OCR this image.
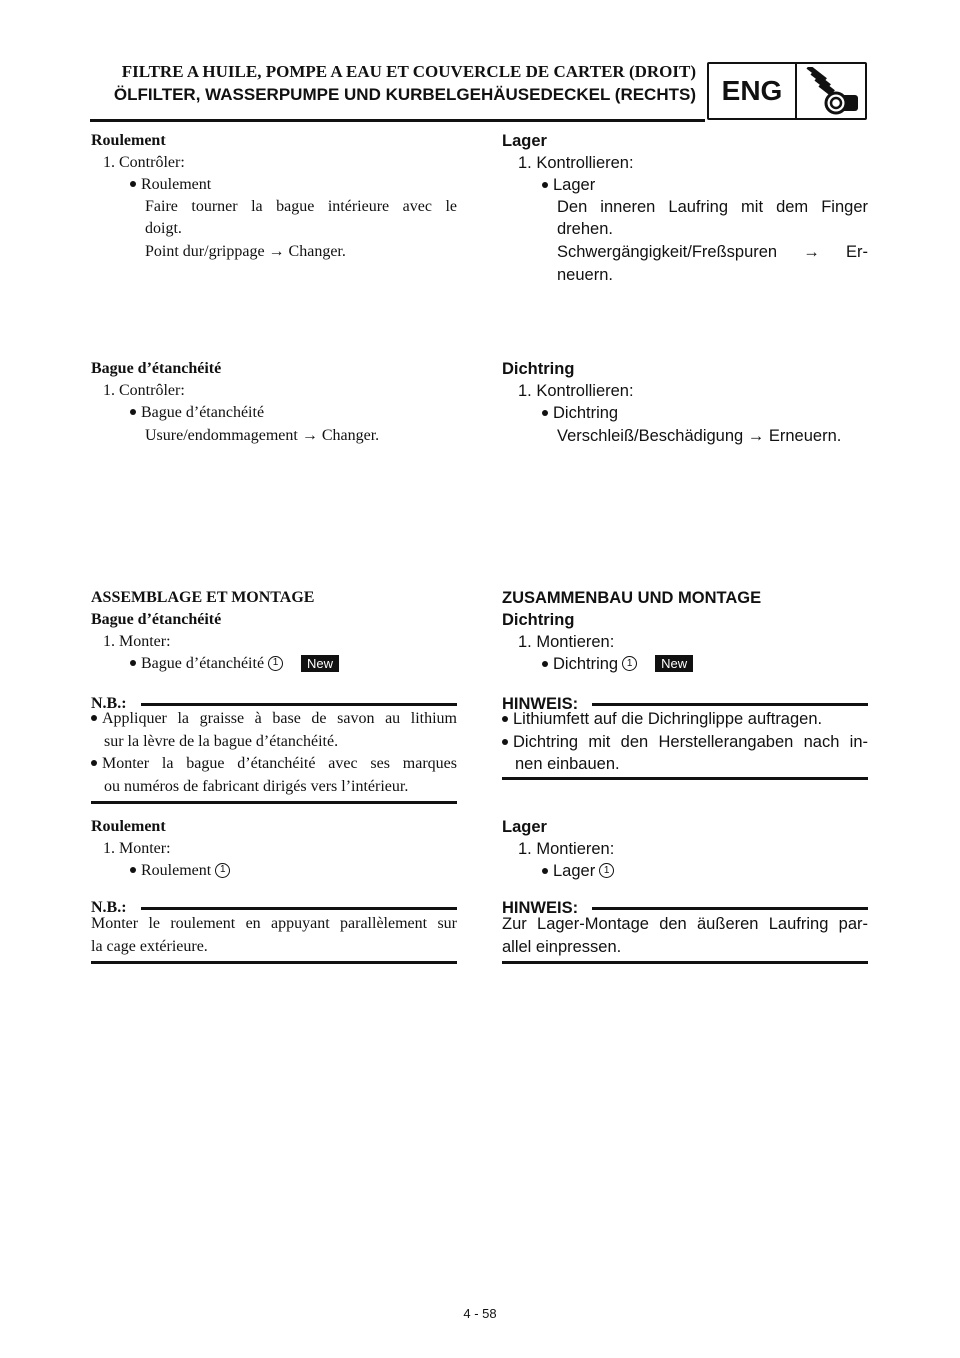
FILTRE A HUILE, POMPE A EAU ET COUVERCLE DE CARTER (DROIT)
ÖLFILTER, WASSERPUMPE UND KURBELGEHÄUSEDECKEL (RECHTS) ENG
Roulement
1. Contrôler:
Roulement
Faire tourner la bague intérieure avec le
doigt.
Point dur/grippage → Changer.
Bague d’étanchéité
1. Contrôler:
Bague d’étanchéité
Usure/endommagement → Changer.
ASSEMBLAGE ET MONTAGE
Bague d’étanchéité
1. Monter:
Bague d’étanchéité 1 New
N.B.:
Appliquer la graisse à base de savon au lithium
sur la lèvre de la bague d’étanchéité.
Monter la bague d’étanchéité avec ses marques
ou numéros de fabricant dirigés vers l’intérieur.
Roulement
1. Monter:
Roulement 1
N.B.:
Monter le roulement en appuyant parallèlement sur
la cage extérieure.
Lager
1. Kontrollieren:
Lager
Den inneren Laufring mit dem Finger
drehen.
Schwergängigkeit/Freßspuren → Er-
neuern.
Dichtring
1. Kontrollieren:
Dichtring
Verschleiß/Beschädigung → Erneuern.
ZUSAMMENBAU UND MONTAGE
Dichtring
1. Montieren:
Dichtring 1 New
HINWEIS:
Lithiumfett auf die Dichringlippe auftragen.
Dichtring mit den Herstellerangaben nach in-
nen einbauen.
Lager
1. Montieren:
Lager 1
HINWEIS:
Zur Lager-Montage den äußeren Laufring par-
allel einpressen.
4 - 58
